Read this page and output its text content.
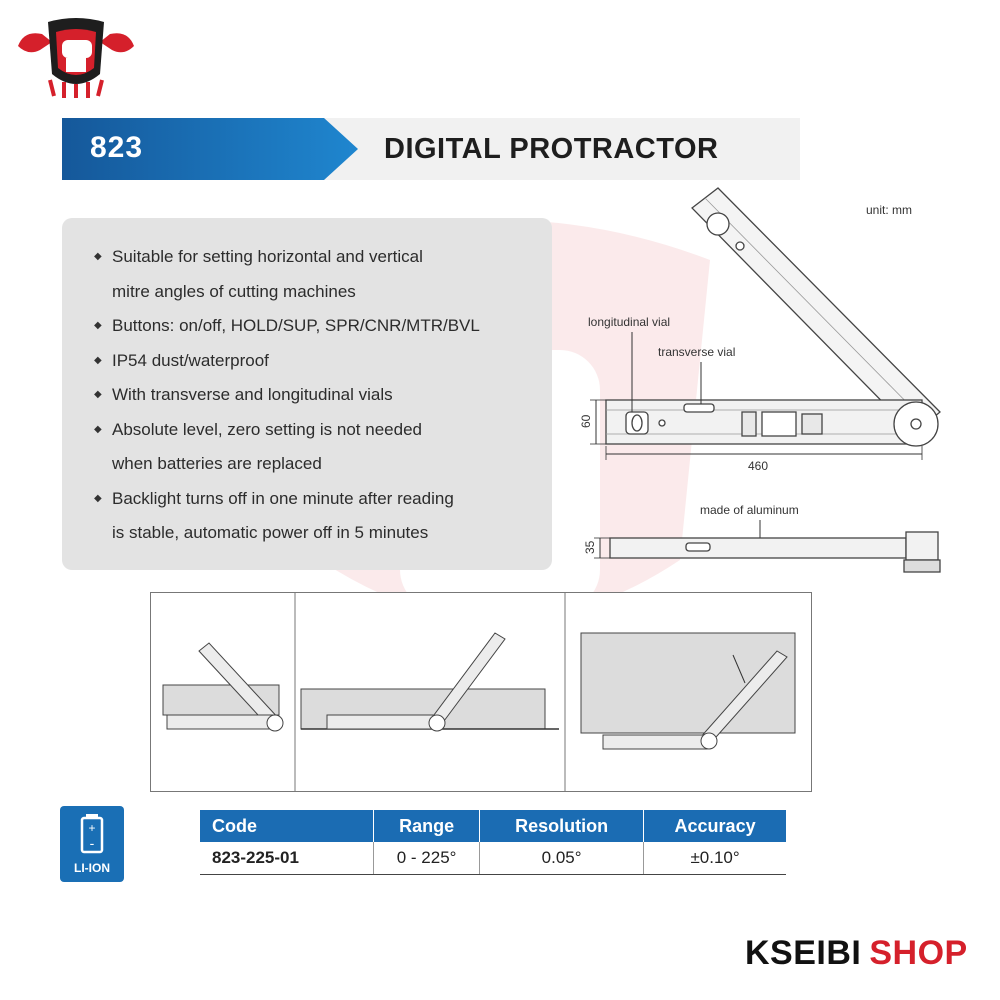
823	DIGITAL PROTRACTOR
◆ Suitable for setting horizontal and vertical
mitre angles of cutting machines
◆ Buttons: on/off, HOLD/SUP, SPR/CNR/MTR/BVL
◆ IP54 dust/waterproof
◆ With transverse and longitudinal vials
◆ Absolute level, zero setting is not needed
when batteries are replaced
◆ Backlight turns off in one minute after reading
is stable, automatic power off in 5 minutes
unit: mm
longitudinal vial
transverse vial
60
460
made of aluminum
35
+
-
LI-ION
Code	Range	Resolution	Accuracy
823-225-01	0 - 225°	0.05°	±0.10°
KSEIBI SHOP
